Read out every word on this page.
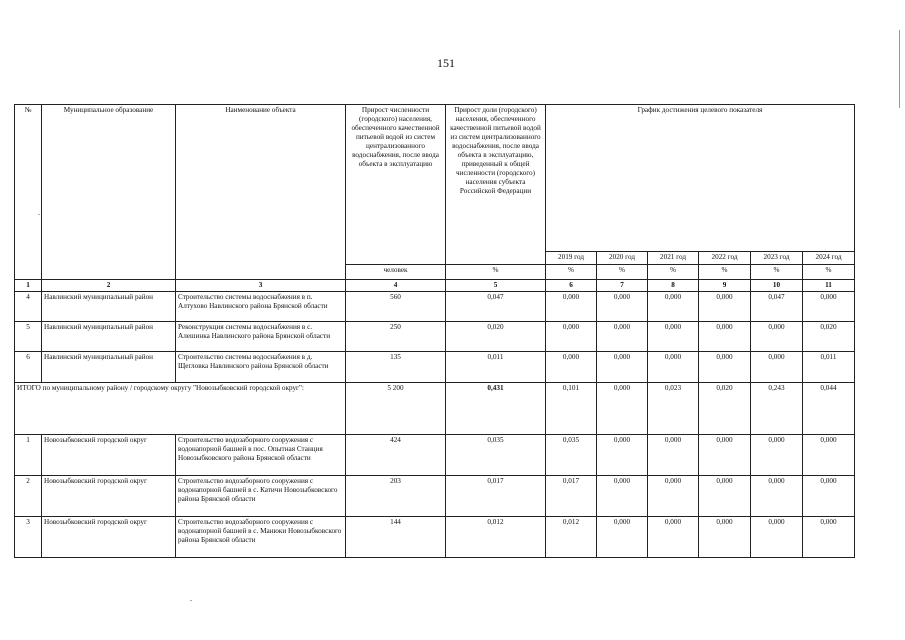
151
№	Муниципальное образование	Наименование объекта	Прирост численности (городского) населения, обеспеченного качественной питьевой водой из систем централизованного водоснабжения, после ввода объекта в эксплуатацию	Прирост доли (городского) населения, обеспеченного качественной питьевой водой из систем централизованного водоснабжения, после ввода объекта в эксплуатацию, приведенный к общей численности (городского) населения субъекта Российской Федерации	График достижения целевого показателя					
					2019 год	2020 год	2021 год	2022 год	2023 год	2024 год
			человек	%	%	%	%	%	%	%
1	2	3	4	5	6	7	8	9	10	11
4	Навлинский муниципальный район	Строительство системы водоснабжения в п. Алтухово Навлинского района Брянской области	560	0,047	0,000	0,000	0,000	0,000	0,047	0,000
5	Навлинский муниципальный район	Реконструкция системы водоснабжения в с. Алешинка Навлинского района Брянской области	250	0,020	0,000	0,000	0,000	0,000	0,000	0,020
6	Навлинский муниципальный район	Строительство системы водоснабжения в д. Щегловка Навлинского района Брянской области	135	0,011	0,000	0,000	0,000	0,000	0,000	0,011
ИТОГО по муниципальному району / городскому округу "Новозыбковский городской округ":			5 200	0,431	0,101	0,000	0,023	0,020	0,243	0,044
1	Новозыбковский городской округ	Строительство водозаборного сооружения с водонапорной башней в пос. Опытная Станция Новозыбковского района Брянской области	424	0,035	0,035	0,000	0,000	0,000	0,000	0,000
2	Новозыбковский городской округ	Строительство водозаборного сооружения с водонапорной башней в с. Катичи Новозыбковского района Брянской области	203	0,017	0,017	0,000	0,000	0,000	0,000	0,000
3	Новозыбковский городской округ	Строительство водозаборного сооружения с водонапорной башней в с. Манюки Новозыбковского района Брянской области	144	0,012	0,012	0,000	0,000	0,000	0,000	0,000
